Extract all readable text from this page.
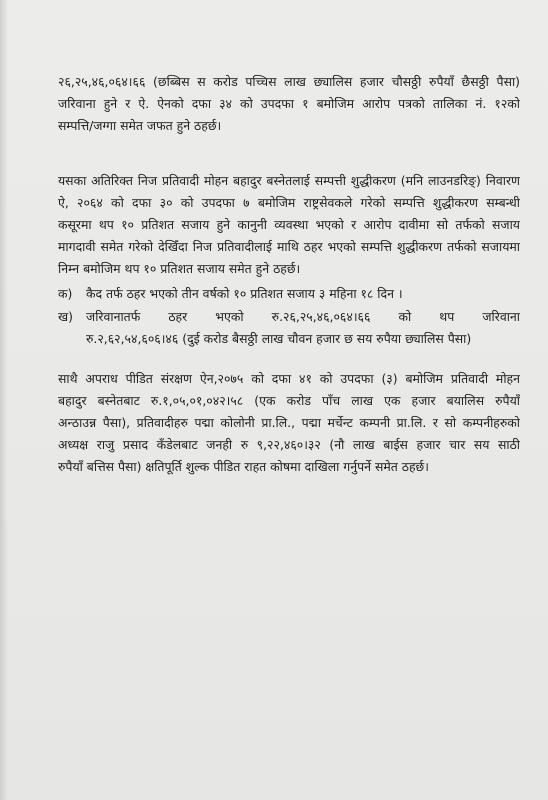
२६,२५,४६,०६४।६६ (छब्बिस स करोड पच्चिस लाख छ्यालिस हजार चौसठ्ठी रुपैयाँ छैसठ्ठी पैसा)
जरिवाना हुने र ऐ. ऐनको दफा ३४ को उपदफा १ बमोजिम आरोप पत्रको तालिका नं. १२को
सम्पत्ति/जग्गा समेत जफत हुने ठहर्छ।
यसका अतिरिक्त निज प्रतिवादी मोहन बहादुर बस्नेतलाई सम्पत्ती शुद्धीकरण (मनि लाउनडरिङ्) निवारण
ऐ, २०६४ को दफा ३० को उपदफा ७ बमोजिम राष्ट्रसेवकले गरेको सम्पत्ति शुद्धीकरण सम्बन्धी
कसूरमा थप १० प्रतिशत सजाय हुने कानुनी व्यवस्था भएको र आरोप दावीमा सो तर्फको सजाय
मागदावी समेत गरेको देखिँदा निज प्रतिवादीलाई माथि ठहर भएको सम्पत्ति शुद्धीकरण तर्फको सजायमा
निम्न बमोजिम थप १० प्रतिशत सजाय समेत हुने ठहर्छ।
क) कैद तर्फ ठहर भएको तीन वर्षको १० प्रतिशत सजाय ३ महिना १८ दिन ।
ख) जरिवानातर्फ ठहर भएको रु.२६,२५,४६,०६४।६६ को थप जरिवाना
रु.२,६२,५४,६०६।४६ (दुई करोड बैसठ्ठी लाख चौवन हजार छ सय रुपैया छ्यालिस पैसा)
साथै अपराध पीडित संरक्षण ऐन,२०७५ को दफा ४१ को उपदफा (३) बमोजिम प्रतिवादी मोहन
बहादुर बस्नेतबाट रु.१,०५,०१,०४२।५८ (एक करोड पाँच लाख एक हजार बयालिस रुपैयाँ
अन्ठाउन्न पैसा), प्रतिवादीहरु पद्मा कोलोनी प्रा.लि., पद्मा मर्चेन्ट कम्पनी प्रा.लि. र सो कम्पनीहरुको
अध्यक्ष राजु प्रसाद कँडेलबाट जनही रु ९,२२,४६०।३२ (नौ लाख बाईस हजार चार सय साठी
रुपैयाँ बत्तिस पैसा) क्षतिपूर्ति शुल्क पीडित राहत कोषमा दाखिला गर्नुपर्ने समेत ठहर्छ।
